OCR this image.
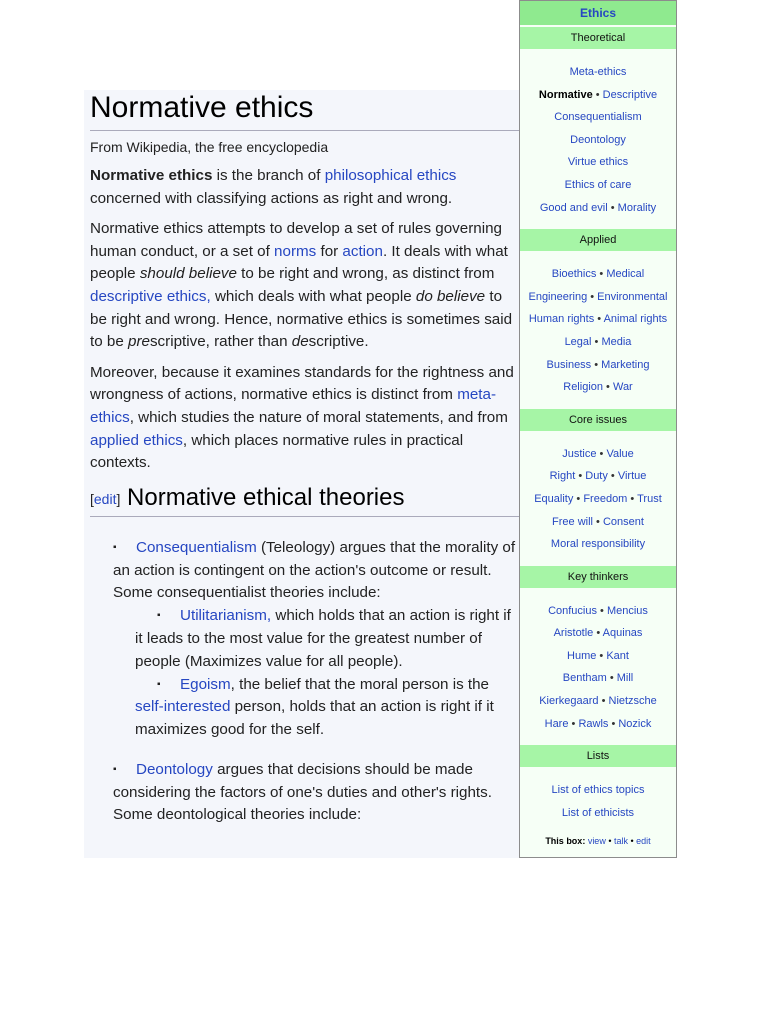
Normative ethics
From Wikipedia, the free encyclopedia

Normative ethics is the branch of philosophical ethics concerned with classifying actions as right and wrong.

Normative ethics attempts to develop a set of rules governing human conduct, or a set of norms for action. It deals with what people should believe to be right and wrong, as distinct from descriptive ethics, which deals with what people do believe to be right and wrong. Hence, normative ethics is sometimes said to be prescriptive, rather than descriptive.

Moreover, because it examines standards for the rightness and wrongness of actions, normative ethics is distinct from meta-ethics, which studies the nature of moral statements, and from applied ethics, which places normative rules in practical contexts.

[edit] Normative ethical theories
▪	Consequentialism (Teleology) argues that the morality of an action is contingent on the action's outcome or result. Some consequentialist theories include:
▪	Utilitarianism, which holds that an action is right if it leads to the most value for the greatest number of people (Maximizes value for all people).
▪	Egoism, the belief that the moral person is the self-interested person, holds that an action is right if it maximizes good for the self.
▪	Deontology argues that decisions should be made considering the factors of one's duties and other's rights. Some deontological theories include:
Ethics
Theoretical
Meta-ethics
Normative • Descriptive
Consequentialism
Deontology
Virtue ethics
Ethics of care
Good and evil • Morality
Applied
Bioethics • Medical
Engineering • Environmental
Human rights • Animal rights
Legal • Media
Business • Marketing
Religion • War
Core issues
Justice • Value
Right • Duty • Virtue
Equality • Freedom • Trust
Free will • Consent
Moral responsibility
Key thinkers
Confucius • Mencius
Aristotle • Aquinas
Hume • Kant
Bentham • Mill
Kierkegaard • Nietzsche
Hare • Rawls • Nozick
Lists
List of ethics topics
List of ethicists
This box: view • talk • edit
